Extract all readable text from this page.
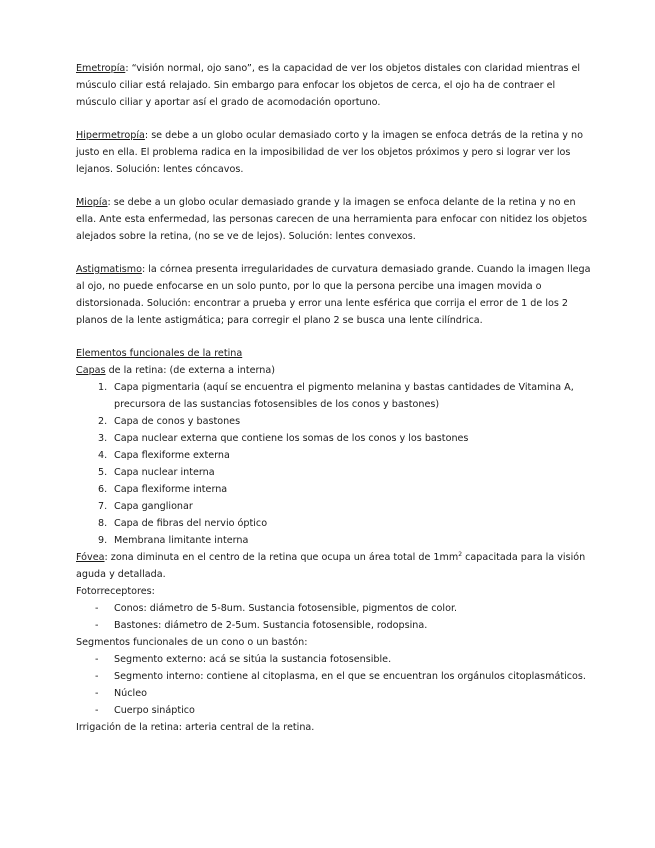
Emetropía: “visión normal, ojo sano”, es la capacidad de ver los objetos distales con claridad mientras el músculo ciliar está relajado. Sin embargo para enfocar los objetos de cerca, el ojo ha de contraer el músculo ciliar y aportar así el grado de acomodación oportuno.

Hipermetropía: se debe a un globo ocular demasiado corto y la imagen se enfoca detrás de la retina y no justo en ella. El problema radica en la imposibilidad de ver los objetos próximos y pero si lograr ver los lejanos. Solución: lentes cóncavos.

Miopía: se debe a un globo ocular demasiado grande y la imagen se enfoca delante de la retina y no en ella. Ante esta enfermedad, las personas carecen de una herramienta para enfocar con nitidez los objetos alejados sobre la retina, (no se ve de lejos). Solución: lentes convexos.

Astigmatismo: la córnea presenta irregularidades de curvatura demasiado grande. Cuando la imagen llega al ojo, no puede enfocarse en un solo punto, por lo que la persona percibe una imagen movida o distorsionada. Solución: encontrar a prueba y error una lente esférica que corrija el error de 1 de los 2 planos de la lente astigmática; para corregir el plano 2 se busca una lente cilíndrica.

Elementos funcionales de la retina

Capas de la retina: (de externa a interna)

1. Capa pigmentaria (aquí se encuentra el pigmento melanina y bastas cantidades de Vitamina A, precursora de las sustancias fotosensibles de los conos y bastones)
2. Capa de conos y bastones
3. Capa nuclear externa que contiene los somas de los conos y los bastones
4. Capa flexiforme externa
5. Capa nuclear interna
6. Capa flexiforme interna
7. Capa ganglionar
8. Capa de fibras del nervio óptico
9. Membrana limitante interna

Fóvea: zona diminuta en el centro de la retina que ocupa un área total de $1mm^2$ capacitada para la visión aguda y detallada.

Fotorreceptores:

- Conos: diámetro de 5-8um. Sustancia fotosensible, pigmentos de color.
- Bastones: diámetro de 2-5um. Sustancia fotosensible, rodopsina.

Segmentos funcionales de un cono o un bastón:

- Segmento externo: acá se sitúa la sustancia fotosensible.
- Segmento interno: contiene al citoplasma, en el que se encuentran los orgánulos citoplasmáticos.
- Núcleo
- Cuerpo sináptico

Irrigación de la retina: arteria central de la retina.
